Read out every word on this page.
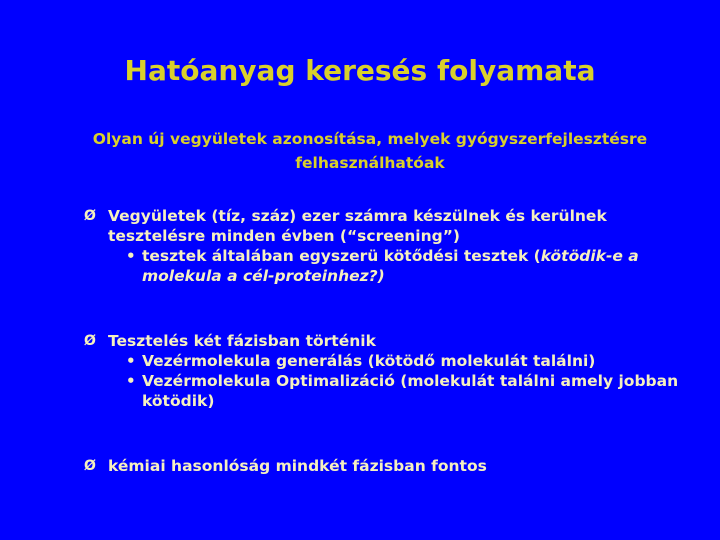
Hatóanyag keresés folyamata

Olyan új vegyületek azonosítása, melyek gyógyszerfejlesztésre felhasználhatóak

Ø Vegyületek (tíz, száz) ezer számra készülnek és kerülnek tesztelésre minden évben (“screening”)
• tesztek általában egyszerü kötődési tesztek (kötödik-e a molekula a cél-proteinhez?)
Ø Tesztelés két fázisban történik
• Vezérmolekula generálás (kötödő molekulát találni)
• Vezérmolekula Optimalizáció (molekulát találni amely jobban kötödik)
Ø kémiai hasonlóság mindkét fázisban fontos
